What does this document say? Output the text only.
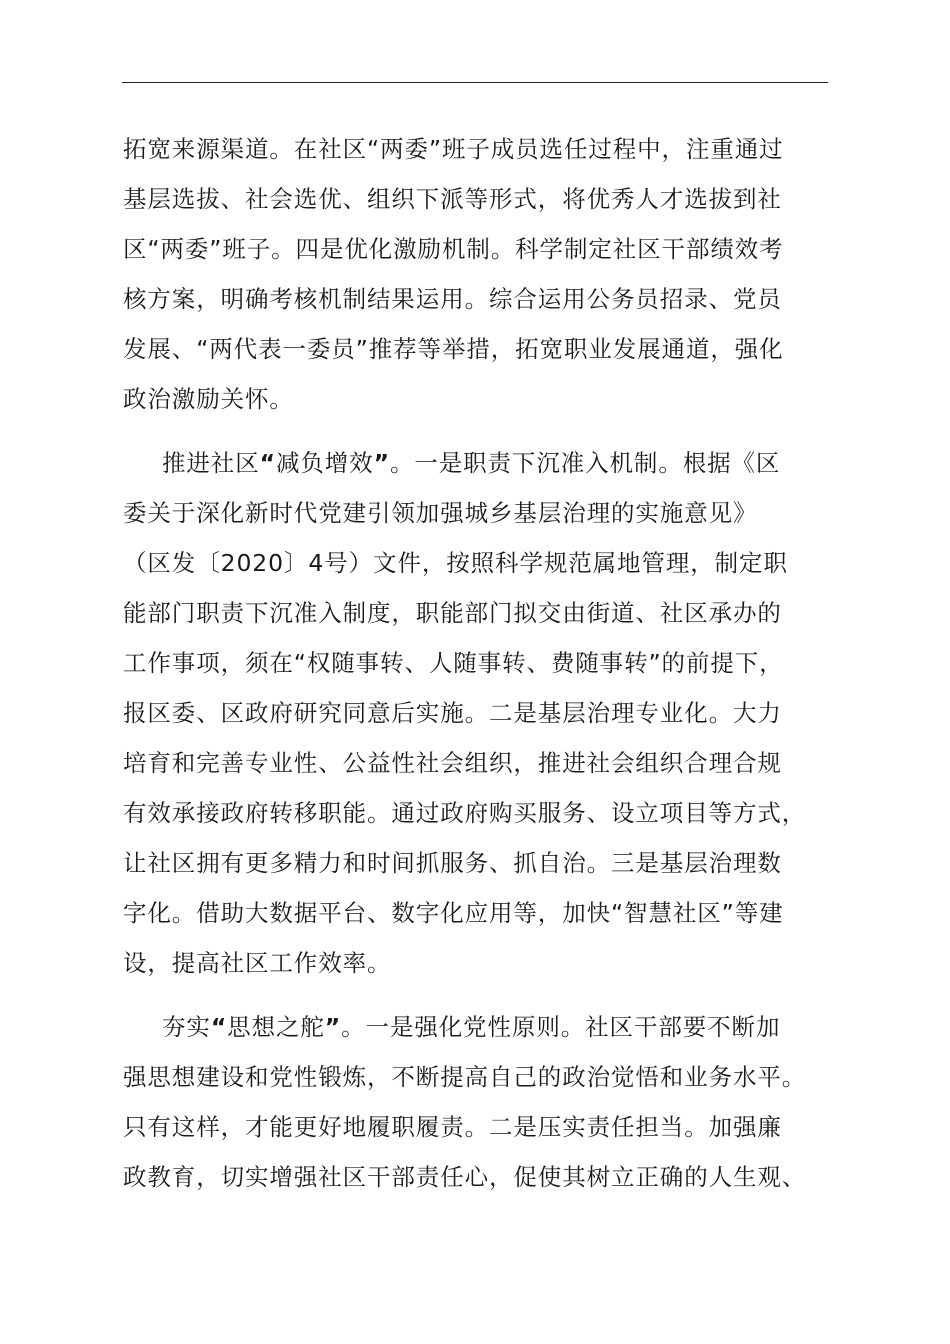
拓宽来源渠道。在社区“两委”班子成员选任过程中，注重通过
基层选拔、社会选优、组织下派等形式，将优秀人才选拔到社
区“两委”班子。四是优化激励机制。科学制定社区干部绩效考
核方案，明确考核机制结果运用。综合运用公务员招录、党员
发展、“两代表一委员”推荐等举措，拓宽职业发展通道，强化
政治激励关怀。
推进社区“减负增效”。一是职责下沉准入机制。根据《区
委关于深化新时代党建引领加强城乡基层治理的实施意见》
（区发〔2020〕4号）文件，按照科学规范属地管理，制定职
能部门职责下沉准入制度，职能部门拟交由街道、社区承办的
工作事项，须在“权随事转、人随事转、费随事转”的前提下，
报区委、区政府研究同意后实施。二是基层治理专业化。大力
培育和完善专业性、公益性社会组织，推进社会组织合理合规
有效承接政府转移职能。通过政府购买服务、设立项目等方式，
让社区拥有更多精力和时间抓服务、抓自治。三是基层治理数
字化。借助大数据平台、数字化应用等，加快“智慧社区”等建
设，提高社区工作效率。
夯实“思想之舵”。一是强化党性原则。社区干部要不断加
强思想建设和党性锻炼，不断提高自己的政治觉悟和业务水平。
只有这样，才能更好地履职履责。二是压实责任担当。加强廉
政教育，切实增强社区干部责任心，促使其树立正确的人生观、
